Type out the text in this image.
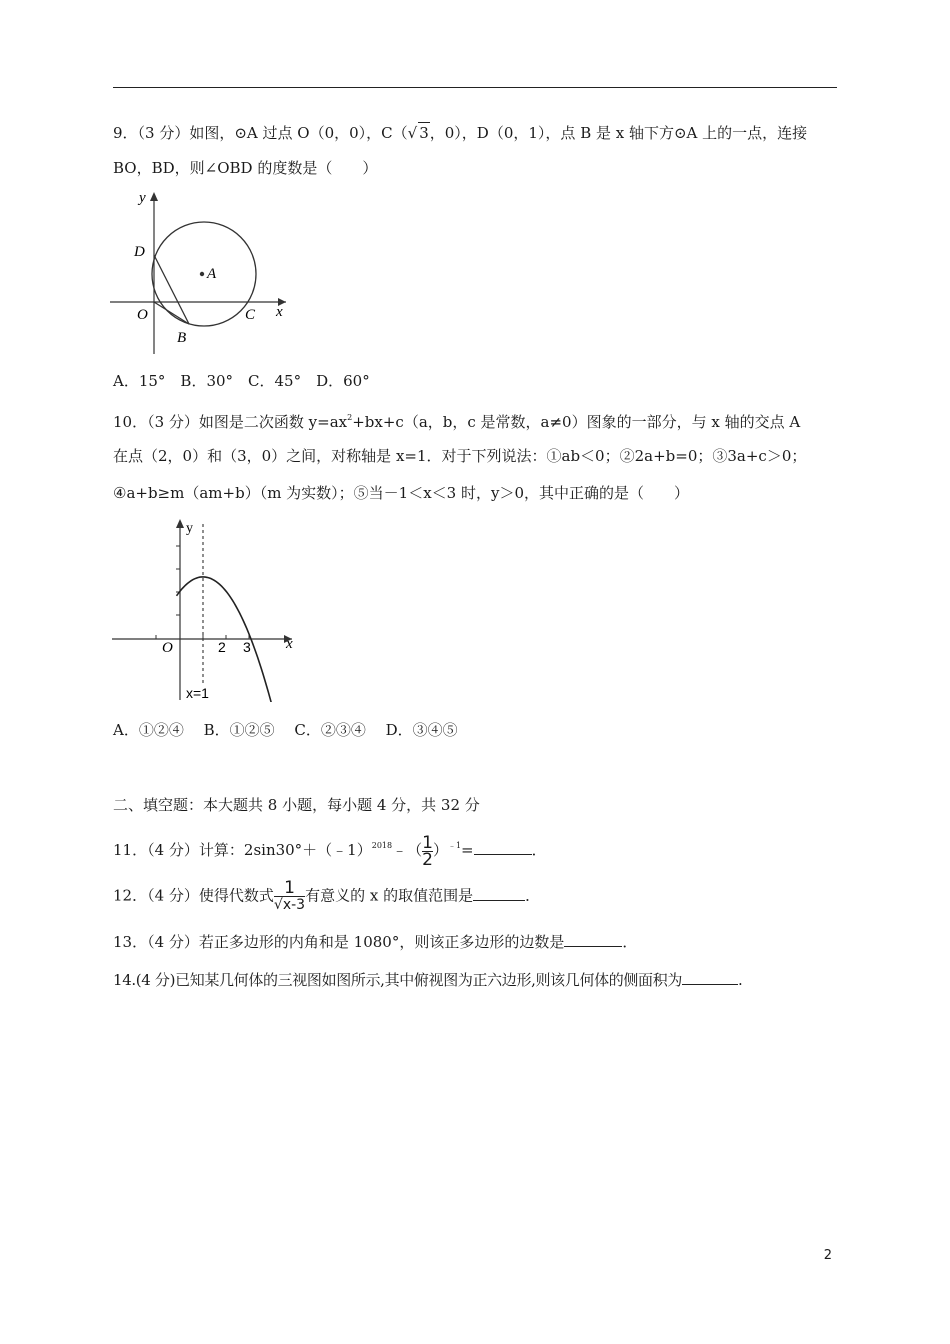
9．（3 分）如图，⊙A 过点 O（0，0），C（√ 3，0），D（0，1），点 B 是 x 轴下方⊙A 上的一点，连接
BO，BD，则∠OBD 的度数是（　　）
y
D
A
O	C x
B
A．15°　B．30°　C．45°　D．60°
10．（3 分）如图是二次函数 $y=ax^2+bx+c(a$，b，c 是常数，a≠0）图象的一部分，与 x 轴的交点 A
在点（2，0）和（3，0）之间，对称轴是 x=1．对于下列说法：①ab＜0；②2a+b=0；③3a+c＞0；
④a+b≥m（am+b）（m 为实数）；⑤当－1＜x＜3 时，y＞0，其中正确的是（　　）
y
x
O	2 3
x=1
A．①②④　 B．①②⑤　 C．②③④　 D．③④⑤
二、填空题：本大题共 8 小题，每小题 4 分，共 32 分
11．（4 分）计算：2sin30°＋（﹣1）$^{2018}$﹣（ $\frac{1}{2} )^{﹣1}=$	．
12．（4 分）使得代数式 $\frac{1}{√x-3}$ 有意义的 x 的取值范围是	．
13．（4 分）若正多边形的内角和是 1080°，则该正多边形的边数是	．
14.(4 分)已知某几何体的三视图如图所示,其中俯视图为正六边形,则该几何体的侧面积为	.
2
